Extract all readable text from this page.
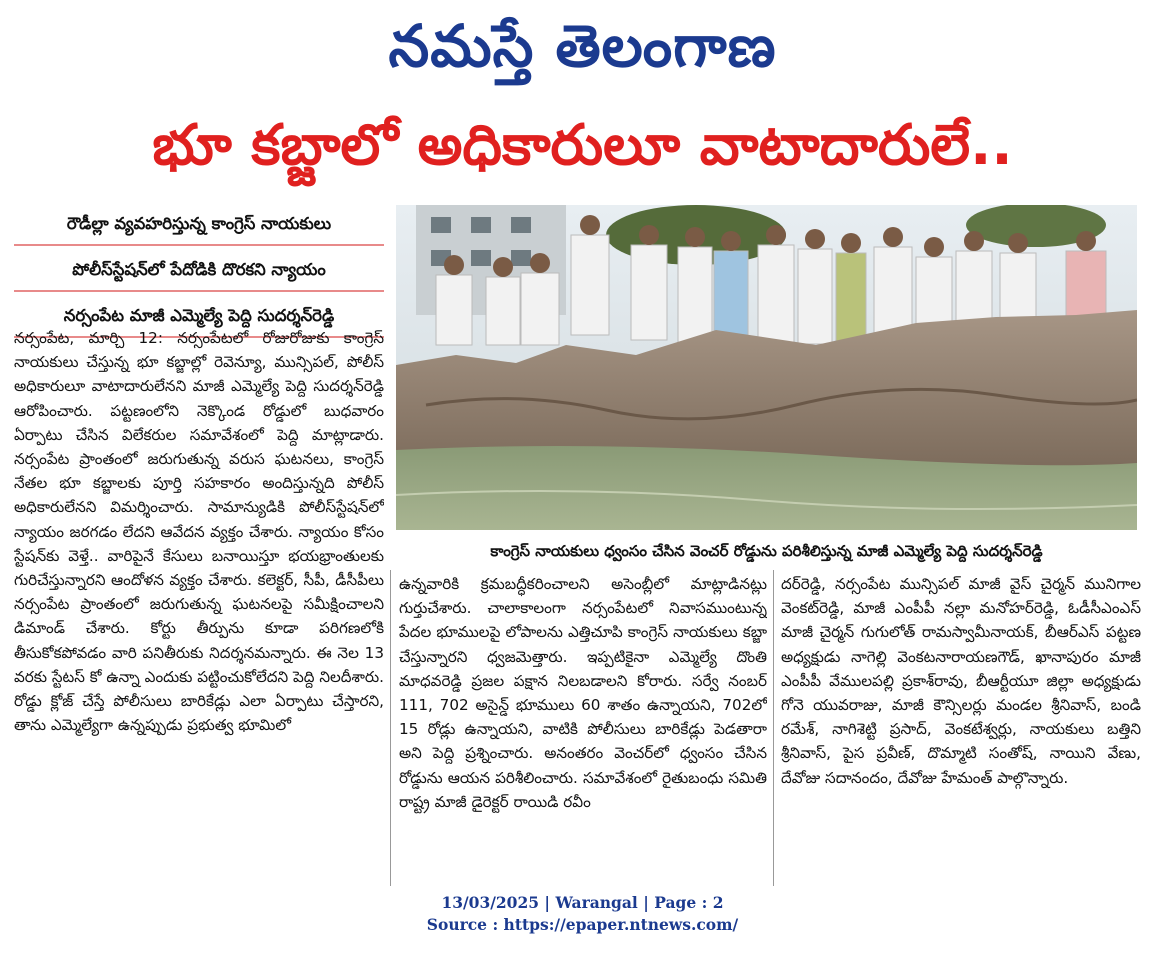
నమస్తే తెలంగాణ
భూ కబ్జాలో అధికారులూ వాటాదారులే..
రౌడీల్లా వ్యవహరిస్తున్న కాంగ్రెస్ నాయకులు
పోలీస్‌స్టేషన్‌లో పేదోడికి దొరకని న్యాయం
నర్సంపేట మాజీ ఎమ్మెల్యే పెద్ది సుదర్శన్‌రెడ్డి
కాంగ్రెస్ నాయకులు ధ్వంసం చేసిన వెంచర్ రోడ్డును పరిశీలిస్తున్న మాజీ ఎమ్మెల్యే పెద్ది సుదర్శన్‌రెడ్డి
నర్సంపేట, మార్చి 12: నర్సంపేటలో రోజురోజుకు కాంగ్రెస్ నాయకులు చేస్తున్న భూ కబ్జాల్లో రెవెన్యూ, మున్సిపల్, పోలీస్ అధికారులూ వాటాదారులేనని మాజీ ఎమ్మెల్యే పెద్ది సుదర్శన్‌రెడ్డి ఆరోపించారు. పట్టణంలోని నెక్కొండ రోడ్డులో బుధవారం ఏర్పాటు చేసిన విలేకరుల సమావేశంలో పెద్ది మాట్లాడారు. నర్సంపేట ప్రాంతంలో జరుగుతున్న వరుస ఘటనలు, కాంగ్రెస్ నేతల భూ కబ్జాలకు పూర్తి సహకారం అందిస్తున్నది పోలీస్ అధికారులేనని విమర్శించారు. సామాన్యుడికి పోలీస్‌స్టేషన్‌లో న్యాయం జరగడం లేదని ఆవేదన వ్యక్తం చేశారు. న్యాయం కోసం స్టేషన్‌కు వెళ్తే.. వారిపైనే కేసులు బనాయిస్తూ భయభ్రాంతులకు గురిచేస్తున్నారని ఆందోళన వ్యక్తం చేశారు. కలెక్టర్, సీపీ, డీసీపీలు నర్సంపేట ప్రాంతంలో జరుగుతున్న ఘటనలపై సమీక్షించాలని డిమాండ్ చేశారు. కోర్టు తీర్పును కూడా పరిగణలోకి తీసుకోకపోవడం వారి పనితీరుకు నిదర్శనమన్నారు. ఈ నెల 13 వరకు స్టేటస్ కో ఉన్నా ఎందుకు పట్టించుకోలేదని పెద్ది నిలదీశారు. రోడ్డు క్లోజ్ చేస్తే పోలీసులు బారికేడ్లు ఎలా ఏర్పాటు చేస్తారని, తాను ఎమ్మెల్యేగా ఉన్నప్పుడు ప్రభుత్వ భూమిలో
ఉన్నవారికి క్రమబద్ధీకరించాలని అసెంబ్లీలో మాట్లాడినట్లు గుర్తుచేశారు. చాలాకాలంగా నర్సంపేటలో నివాసముంటున్న పేదల భూములపై లోపాలను ఎత్తిచూపి కాంగ్రెస్ నాయకులు కబ్జా చేస్తున్నారని ధ్వజమెత్తారు. ఇప్పటికైనా ఎమ్మెల్యే దొంతి మాధవరెడ్డి ప్రజల పక్షాన నిలబడాలని కోరారు. సర్వే నంబర్ 111, 702 అసైన్డ్ భూములు 60 శాతం ఉన్నాయని, 702లో 15 రోడ్లు ఉన్నాయని, వాటికి పోలీసులు బారికేడ్లు పెడతారా అని పెద్ది ప్రశ్నించారు. అనంతరం వెంచర్‌లో ధ్వంసం చేసిన రోడ్డును ఆయన పరిశీలించారు. సమావేశంలో రైతుబంధు సమితి రాష్ట్ర మాజీ డైరెక్టర్ రాయిడి రవీం
దర్‌రెడ్డి, నర్సంపేట మున్సిపల్ మాజీ వైస్ చైర్మన్ మునిగాల వెంకట్‌రెడ్డి, మాజీ ఎంపీపీ నల్లా మనోహర్‌రెడ్డి, ఓడీసీఎంఎస్ మాజీ చైర్మన్ గుగులోత్ రామస్వామీనాయక్, బీఆర్‌ఎస్ పట్టణ అధ్యక్షుడు నాగెల్లి వెంకటనారాయణగౌడ్, ఖానాపురం మాజీ ఎంపీపీ వేములపల్లి ప్రకాశ్‌రావు, బీఆర్టీయూ జిల్లా అధ్యక్షుడు గోనె యువరాజు, మాజీ కౌన్సిలర్లు మండల శ్రీనివాస్, బండి రమేశ్, నాగిశెట్టి ప్రసాద్, వెంకటేశ్వర్లు, నాయకులు బత్తిని శ్రీనివాస్, పైస ప్రవీణ్, దొమ్మాటి సంతోష్, నాయిని వేణు, దేవోజు సదానందం, దేవోజు హేమంత్ పాల్గొన్నారు.
13/03/2025 | Warangal | Page : 2
Source : https://epaper.ntnews.com/
